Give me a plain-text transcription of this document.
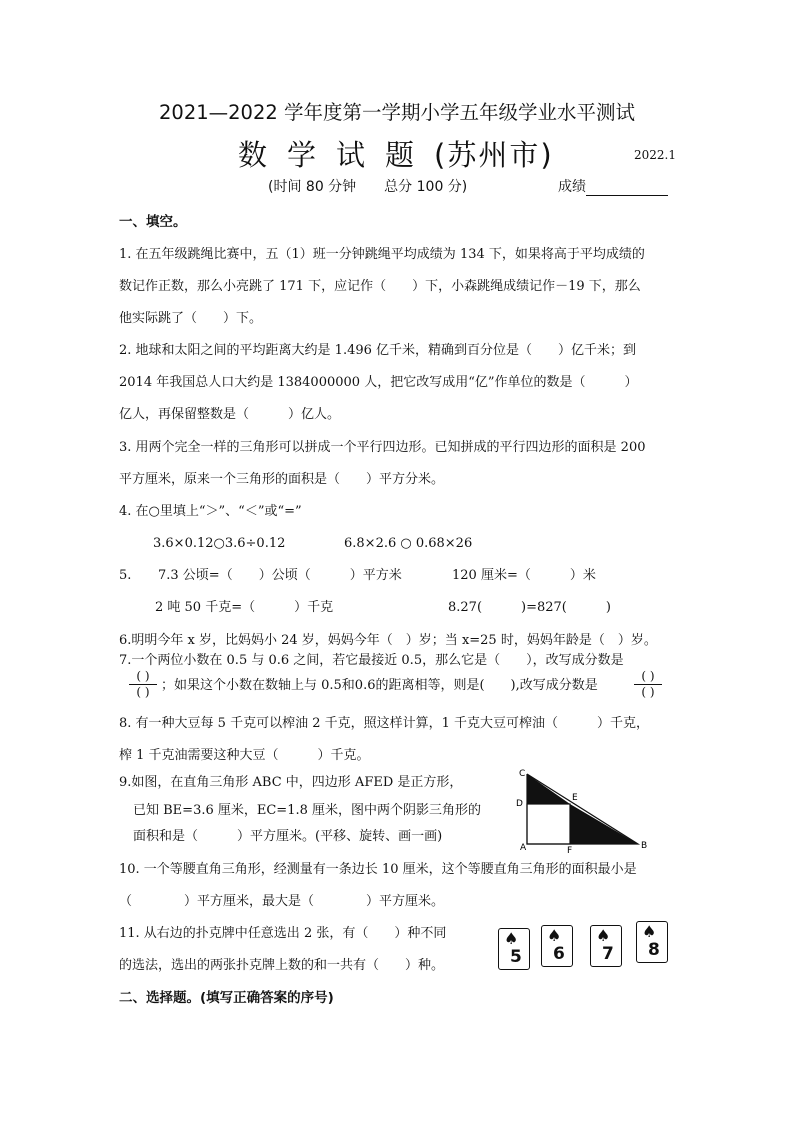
2021—2022 学年度第一学期小学五年级学业水平测试
数学试题(苏州市)	2022.1
(时间 80 分钟　　总分 100 分)	成绩
一、填空。
1. 在五年级跳绳比赛中，五（1）班一分钟跳绳平均成绩为 134 下，如果将高于平均成绩的
数记作正数，那么小亮跳了 171 下，应记作（　　）下，小森跳绳成绩记作－19 下，那么
他实际跳了（　　）下。
2. 地球和太阳之间的平均距离大约是 1.496 亿千米，精确到百分位是（　　）亿千米；到
2014 年我国总人口大约是 1384000000 人，把它改写成用“亿”作单位的数是（　　　）
亿人，再保留整数是（　　　）亿人。
3. 用两个完全一样的三角形可以拼成一个平行四边形。已知拼成的平行四边形的面积是 200
平方厘米，原来一个三角形的面积是（　　）平方分米。
4. 在○里填上“＞”、“＜”或“=”
3.6×0.12○3.6÷0.12	6.8×2.6 ○ 0.68×26
5. 7.3 公顷=（　　）公顷（　　　）平方米	120 厘米=（　　　）米
2 吨 50 千克=（　　　）千克	8.27(　　　)=827(　　　)
6.明明今年 x 岁，比妈妈小 24 岁，妈妈今年（　）岁；当 x=25 时，妈妈年龄是（　）岁。
7.一个两位小数在 0.5 与 0.6 之间，若它最接近 0.5，那么它是（　　），改写成分数是
( )
( ) ；如果这个小数在数轴上与 0.5和0.6的距离相等，则是(　　),改写成分数是
( )
( )
8. 有一种大豆每 5 千克可以榨油 2 千克，照这样计算，1 千克大豆可榨油（　　　）千克，
榨 1 千克油需要这种大豆（　　　）千克。
9.如图，在直角三角形 ABC 中，四边形 AFED 是正方形，
已知 BE=3.6 厘米，EC=1.8 厘米，图中两个阴影三角形的
面积和是（　　　）平方厘米。(平移、旋转、画一画)
C
D
E
A	F	B
10. 一个等腰直角三角形，经测量有一条边长 10 厘米，这个等腰直角三角形的面积最小是
（　　　　）平方厘米，最大是（　　　　）平方厘米。
11. 从右边的扑克牌中任意选出 2 张，有（　　）种不同
的选法，选出的两张扑克牌上数的和一共有（　　）种。
♠
5
♠
6
♠
7
♠
8
二、选择题。(填写正确答案的序号)
